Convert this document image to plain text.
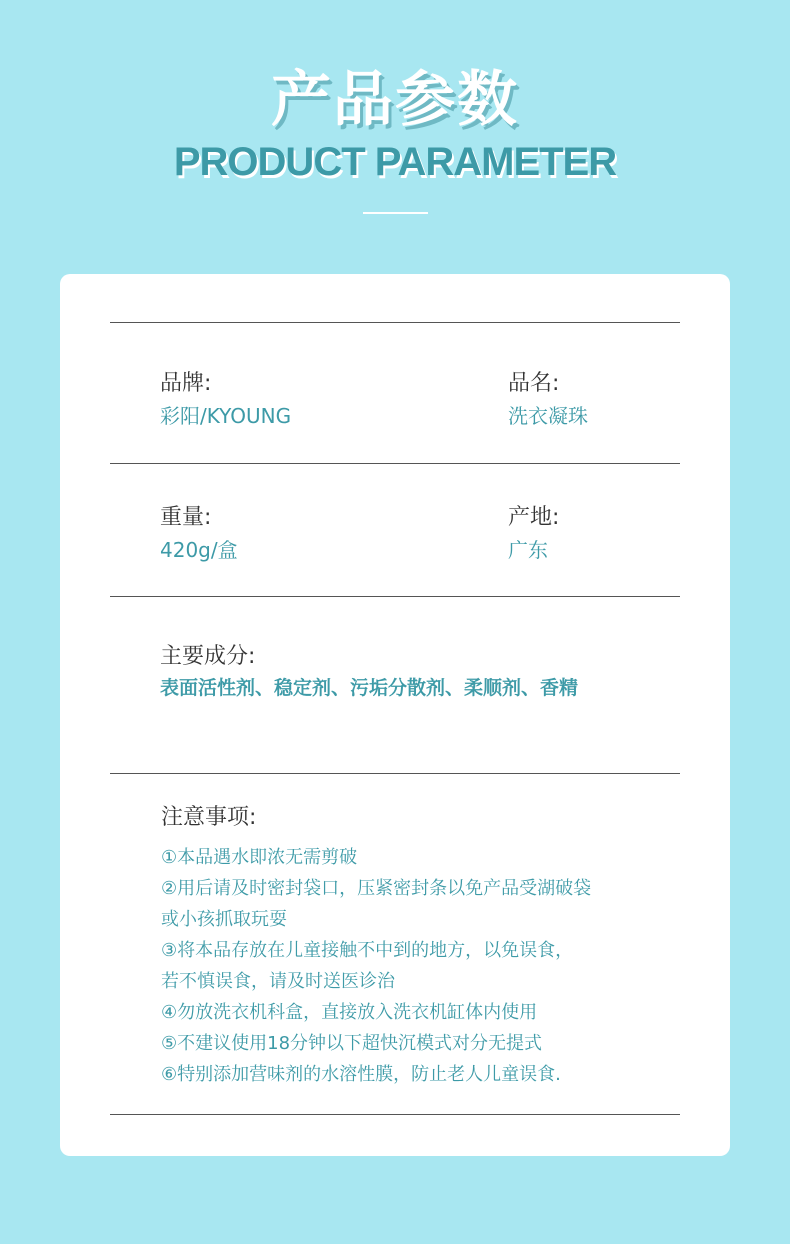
产品参数
PRODUCT PARAMETER
品牌:
彩阳/KYOUNG
品名:
洗衣凝珠
重量:
420g/盒
产地:
广东
主要成分:
表面活性剂、稳定剂、污垢分散剂、柔顺剂、香精
注意事项:
①本品遇水即浓无需剪破
②用后请及时密封袋口，压紧密封条以免产品受湖破袋
或小孩抓取玩耍
③将本品存放在儿童接触不中到的地方，以免误食，
若不慎误食，请及时送医诊治
④勿放洗衣机科盒，直接放入洗衣机缸体内使用
⑤不建议使用18分钟以下超快沉模式对分无提式
⑥特别添加营味剂的水溶性膜，防止老人儿童误食.
